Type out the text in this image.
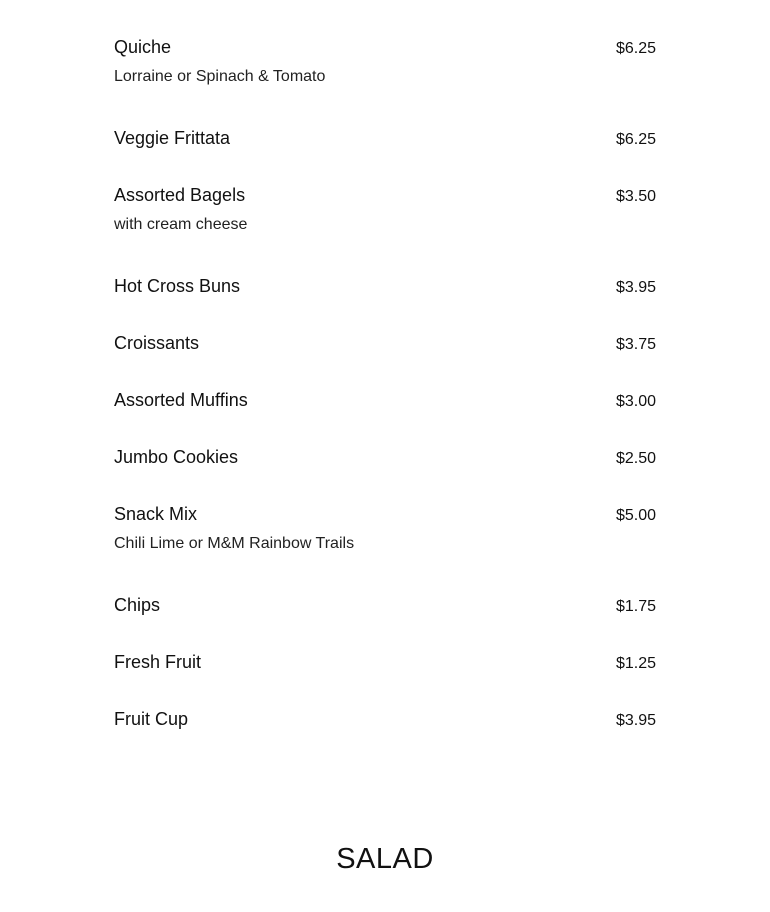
Quiche	$6.25
Lorraine or Spinach & Tomato
Veggie Frittata	$6.25
Assorted Bagels	$3.50
with cream cheese
Hot Cross Buns	$3.95
Croissants	$3.75
Assorted Muffins	$3.00
Jumbo Cookies	$2.50
Snack Mix	$5.00
Chili Lime or M&M Rainbow Trails
Chips	$1.75
Fresh Fruit	$1.25
Fruit Cup	$3.95
SALAD
